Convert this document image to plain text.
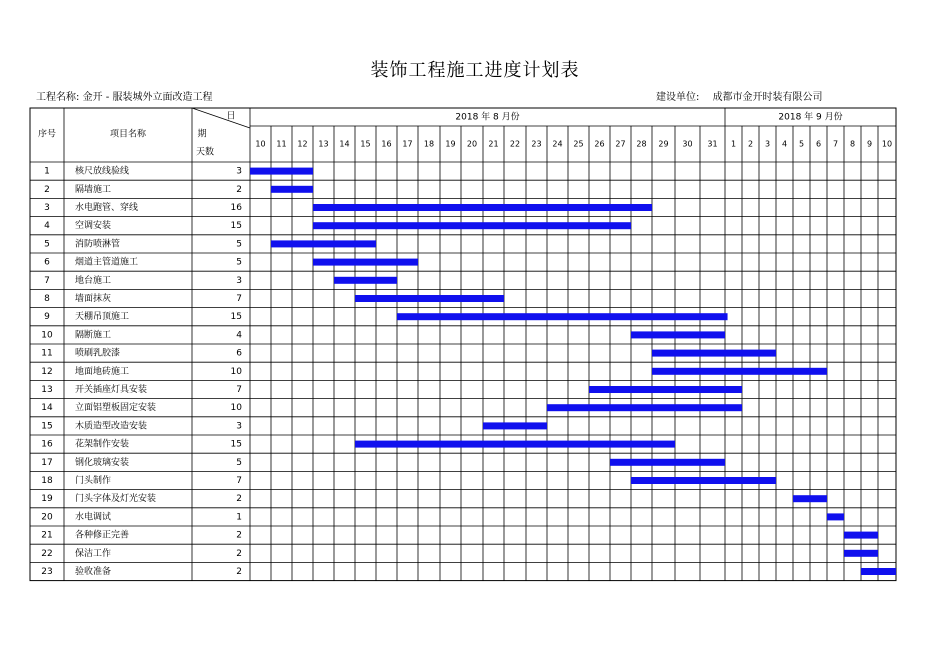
装饰工程施工进度计划表
工程名称: 金开 - 服装城外立面改造工程	建设单位: 成都市金开时装有限公司
序号	项目名称
日
期
天数
2018 年 8 月份	2018 年 9 月份
10 11 12 13 14 15 16 17 18 19 20 21 22 23 24 25 26 27 28 29 30 31 1 2 3 4 5 6 7 8 9 10
1	核尺放线验线	3
2	隔墙施工	2
3	水电跑管、穿线	16
4	空调安装	15
5	消防喷淋管	5
6	烟道主管道施工	5
7	地台施工	3
8	墙面抹灰	7
9	天棚吊顶施工	15
10 隔断施工	4
11 喷刷乳胶漆	6
12 地面地砖施工	10
13 开关插座灯具安装	7
14 立面铝塑板固定安装	10
15 木质造型改造安装	3
16 花架制作安装	15
17 钢化玻璃安装	5
18 门头制作	7
19 门头字体及灯光安装	2
20 水电调试	1
21 各种修正完善	2
22 保洁工作	2
23 验收准备	2
